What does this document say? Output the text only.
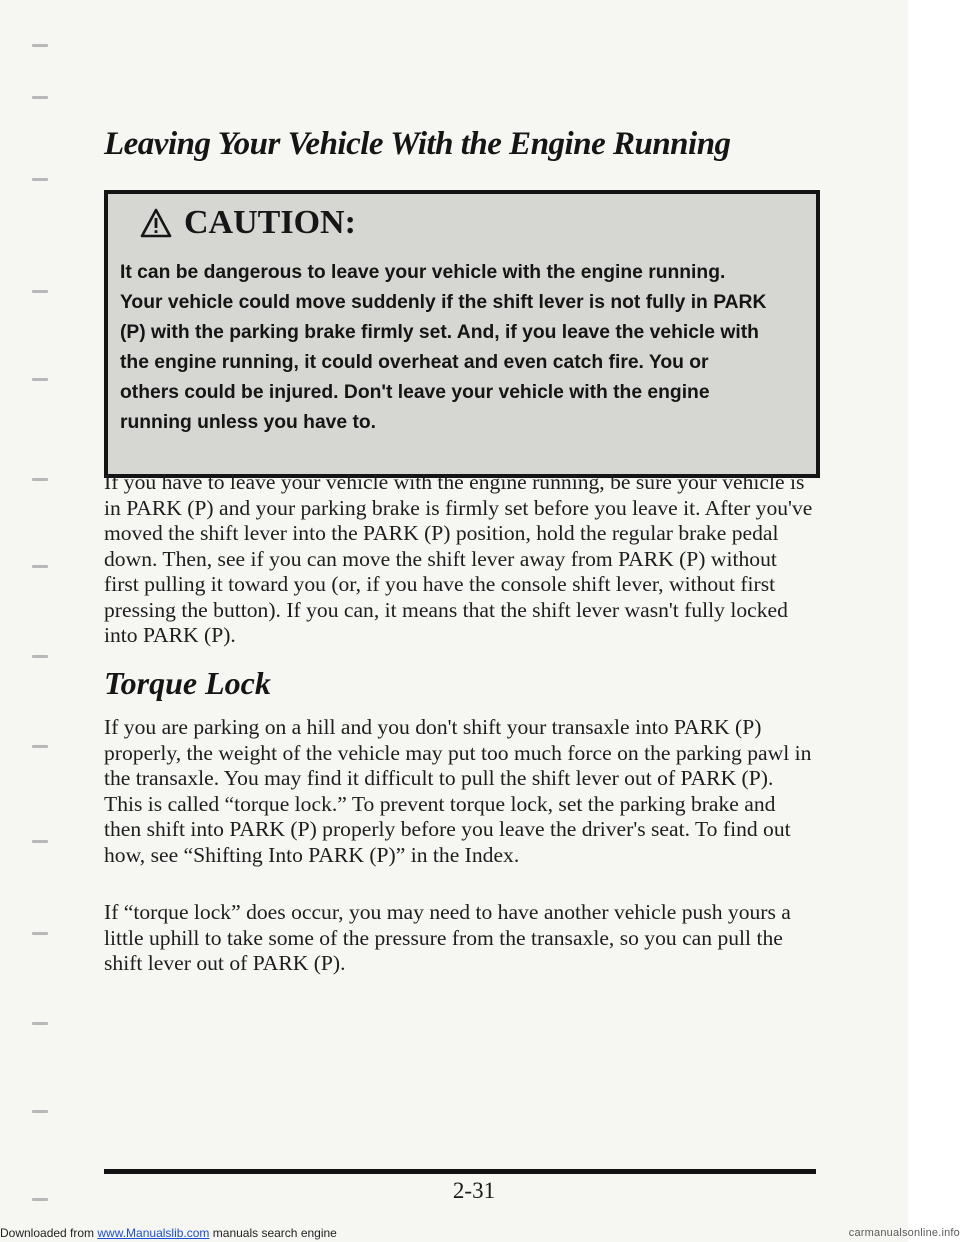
Leaving Your Vehicle With the Engine Running
CAUTION:

It can be dangerous to leave your vehicle with the engine running. Your vehicle could move suddenly if the shift lever is not fully in PARK (P) with the parking brake firmly set. And, if you leave the vehicle with the engine running, it could overheat and even catch fire. You or others could be injured. Don't leave your vehicle with the engine running unless you have to.

If you have to leave your vehicle with the engine running, be sure your vehicle is in PARK (P) and your parking brake is firmly set before you leave it. After you've moved the shift lever into the PARK (P) position, hold the regular brake pedal down. Then, see if you can move the shift lever away from PARK (P) without first pulling it toward you (or, if you have the console shift lever, without first pressing the button). If you can, it means that the shift lever wasn't fully locked into PARK (P).

Torque Lock

If you are parking on a hill and you don't shift your transaxle into PARK (P) properly, the weight of the vehicle may put too much force on the parking pawl in the transaxle. You may find it difficult to pull the shift lever out of PARK (P). This is called “torque lock.” To prevent torque lock, set the parking brake and then shift into PARK (P) properly before you leave the driver's seat. To find out how, see “Shifting Into PARK (P)” in the Index.

If “torque lock” does occur, you may need to have another vehicle push yours a little uphill to take some of the pressure from the transaxle, so you can pull the shift lever out of PARK (P).

2-31
Downloaded from www.Manualslib.com manuals search engine	carmanualsonline.info
